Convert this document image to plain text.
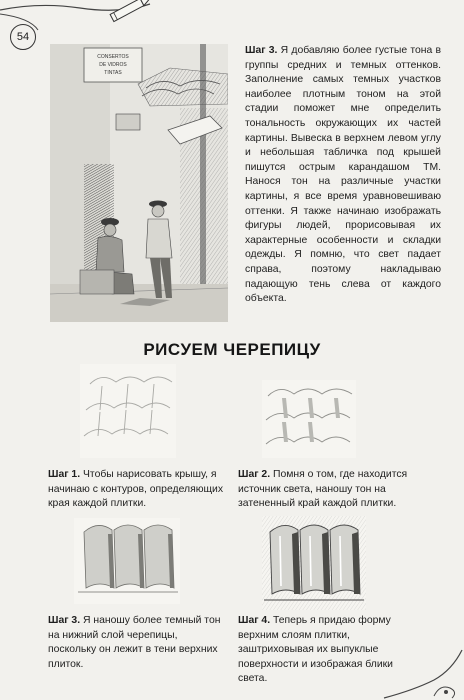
54
CONSERTOS
DE VIDROS
TINTAS

Шаг 3. Я добавляю более густые тона в группы средних и темных оттенков. Заполнение самых темных участков наиболее плотным тоном на этой стадии поможет мне определить тональность окружающих их частей картины. Вывеска в верхнем левом углу и небольшая табличка под крышей пишутся острым карандашом ТМ. Нанося тон на различные участки картины, я все время уравновешиваю оттенки. Я также начинаю изображать фигуры людей, прорисовывая их характерные особенности и складки одежды. Я помню, что свет падает справа, поэтому накладываю падающую тень слева от каждого объекта.

РИСУЕМ ЧЕРЕПИЦУ

Шаг 1. Чтобы нарисовать крышу, я начинаю с контуров, определяющих края каждой плитки.

Шаг 2. Помня о том, где находится источник света, наношу тон на затененный край каждой плитки.

Шаг 3. Я наношу более темный тон на нижний слой черепицы, поскольку он лежит в тени верхних плиток.

Шаг 4. Теперь я придаю форму верхним слоям плитки, заштриховывая их выпуклые поверхности и изображая блики света.
